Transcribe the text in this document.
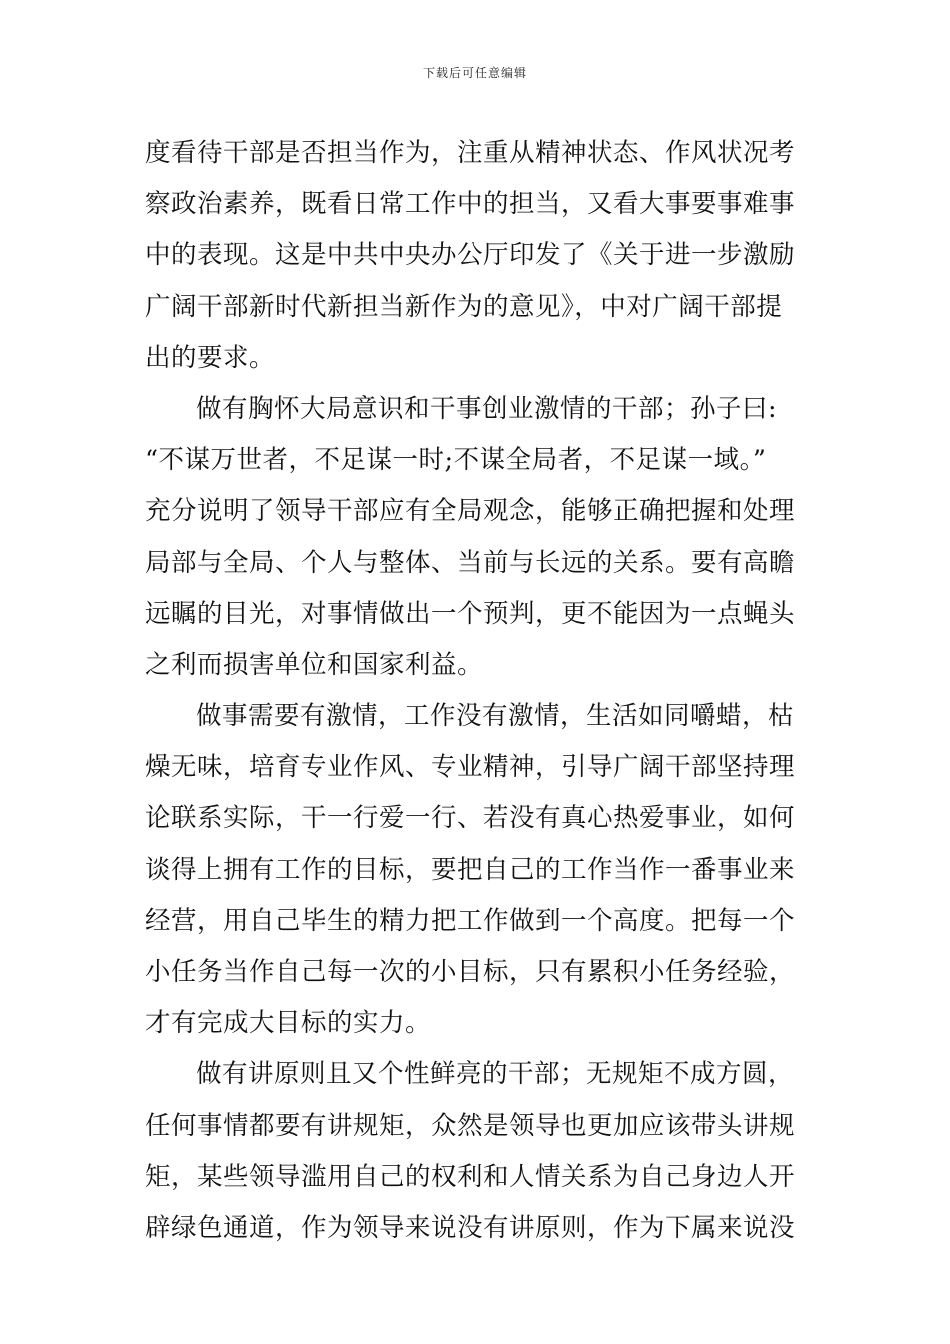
下载后可任意编辑
度看待干部是否担当作为，注重从精神状态、作风状况考
察政治素养，既看日常工作中的担当，又看大事要事难事
中的表现。这是中共中央办公厅印发了《关于进一步激励
广阔干部新时代新担当新作为的意见》，中对广阔干部提
出的要求。
做有胸怀大局意识和干事创业激情的干部；孙子曰:
“不谋万世者，不足谋一时;不谋全局者，不足谋一域。”
充分说明了领导干部应有全局观念，能够正确把握和处理
局部与全局、个人与整体、当前与长远的关系。要有高瞻
远瞩的目光，对事情做出一个预判，更不能因为一点蝇头
之利而损害单位和国家利益。
做事需要有激情，工作没有激情，生活如同嚼蜡，枯
燥无味，培育专业作风、专业精神，引导广阔干部坚持理
论联系实际，干一行爱一行、若没有真心热爱事业，如何
谈得上拥有工作的目标，要把自己的工作当作一番事业来
经营，用自己毕生的精力把工作做到一个高度。把每一个
小任务当作自己每一次的小目标，只有累积小任务经验，
才有完成大目标的实力。
做有讲原则且又个性鲜亮的干部；无规矩不成方圆，
任何事情都要有讲规矩，众然是领导也更加应该带头讲规
矩，某些领导滥用自己的权利和人情关系为自己身边人开
辟绿色通道，作为领导来说没有讲原则，作为下属来说没
